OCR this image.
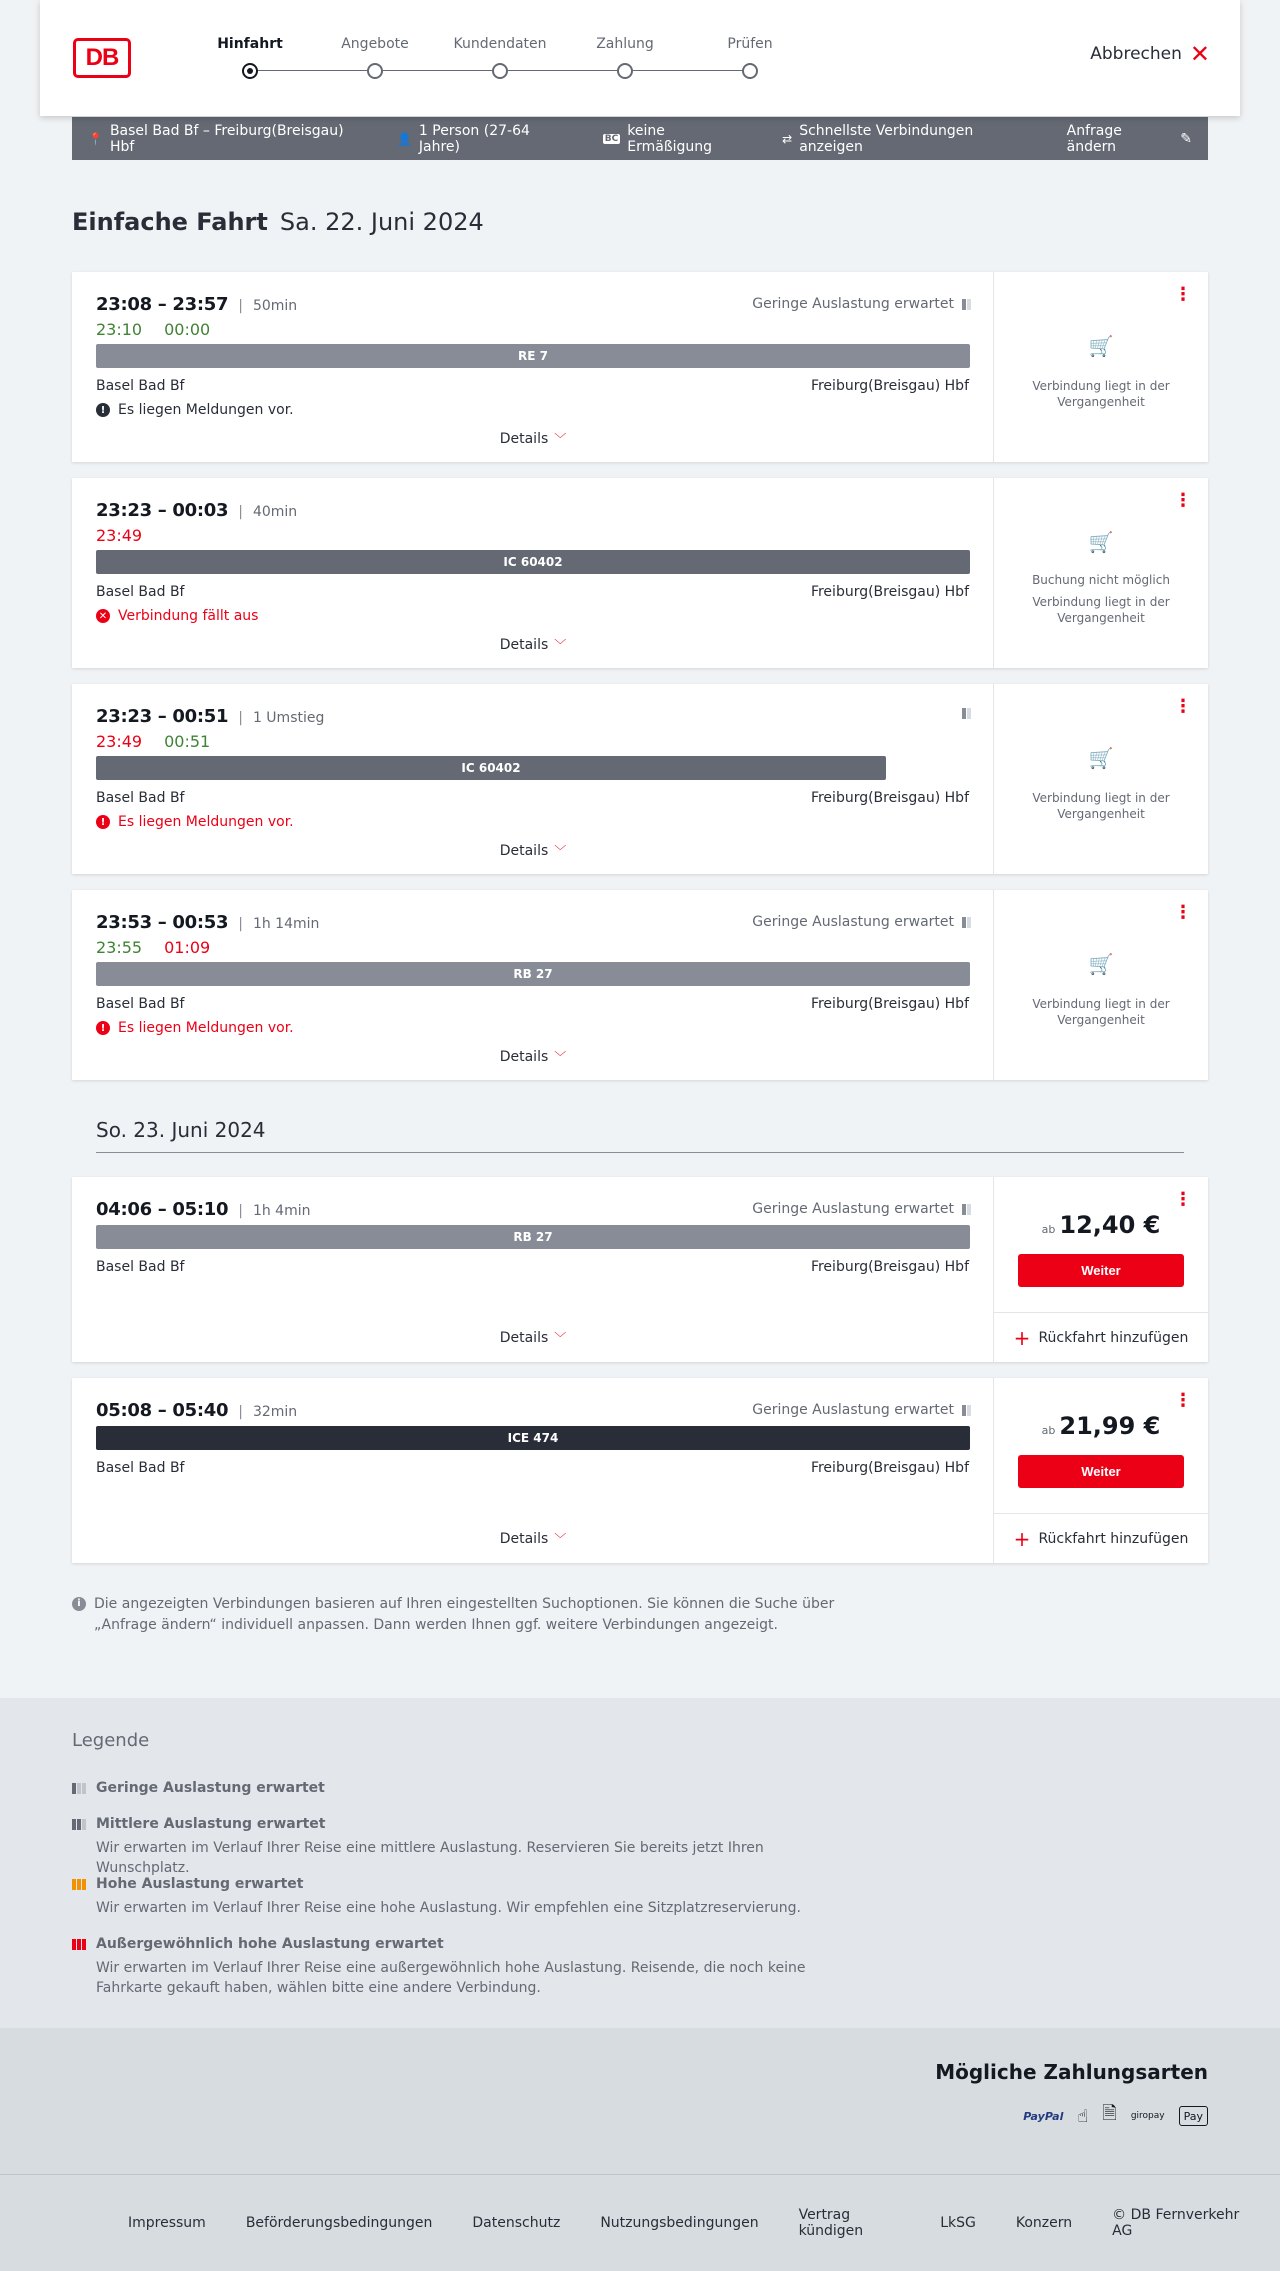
DB	Hinfahrt	Angebote	Kundendaten	Zahlung	Prüfen	Abbrechen ✕
📍 Basel Bad Bf – Freiburg(Breisgau) Hbf	👤 1 Person (27-64 Jahre)	BC keine Ermäßigung	⇄ Schnellste Verbindungen anzeigen
Anfrage ändern	✎
Einfache Fahrt Sa. 22. Juni 2024
23:08 – 23:57 | 50min	Geringe Auslastung erwartet
23:10 00:00
RE 7
Basel Bad Bf	Freiburg(Breisgau) Hbf
! Es liegen Meldungen vor.
Details ﹀
⋮
🛒
Verbindung liegt in der Vergangenheit
23:23 – 00:03 | 40min
23:49
IC 60402
Basel Bad Bf	Freiburg(Breisgau) Hbf
✕ Verbindung fällt aus
Details ﹀
⋮
🛒
Buchung nicht möglich
Verbindung liegt in der Vergangenheit
23:23 – 00:51 | 1 Umstieg
23:49 00:51
IC 60402
Basel Bad Bf	Freiburg(Breisgau) Hbf
! Es liegen Meldungen vor.
Details ﹀
⋮
🛒
Verbindung liegt in der Vergangenheit
23:53 – 00:53 | 1h 14min	Geringe Auslastung erwartet
23:55 01:09
RB 27
Basel Bad Bf	Freiburg(Breisgau) Hbf
! Es liegen Meldungen vor.
Details ﹀
⋮
🛒
Verbindung liegt in der Vergangenheit
So. 23. Juni 2024
04:06 – 05:10 | 1h 4min	Geringe Auslastung erwartet
RB 27
Basel Bad Bf	Freiburg(Breisgau) Hbf
Details ﹀
⋮
ab 12,40 €
Weiter
+ Rückfahrt hinzufügen
05:08 – 05:40 | 32min	Geringe Auslastung erwartet
ICE 474
Basel Bad Bf	Freiburg(Breisgau) Hbf
Details ﹀
⋮
ab 21,99 €
Weiter
+ Rückfahrt hinzufügen
i Die angezeigten Verbindungen basieren auf Ihren eingestellten Suchoptionen. Sie können die Suche über „Anfrage ändern“ individuell anpassen. Dann werden Ihnen ggf. weitere Verbindungen angezeigt.
Legende
Geringe Auslastung erwartet
Mittlere Auslastung erwartet
Wir erwarten im Verlauf Ihrer Reise eine mittlere Auslastung. Reservieren Sie bereits jetzt Ihren Wunschplatz.
Hohe Auslastung erwartet
Wir erwarten im Verlauf Ihrer Reise eine hohe Auslastung. Wir empfehlen eine Sitzplatzreservierung.
Außergewöhnlich hohe Auslastung erwartet
Wir erwarten im Verlauf Ihrer Reise eine außergewöhnlich hohe Auslastung. Reisende, die noch keine Fahrkarte gekauft haben, wählen bitte eine andere Verbindung.
Mögliche Zahlungsarten
PayPal ☝ 🗎 giropay	Pay
Impressum	Beförderungsbedingungen	Datenschutz	Nutzungsbedingungen	Vertrag kündigen	LkSG	Konzern	© DB Fernverkehr AG
